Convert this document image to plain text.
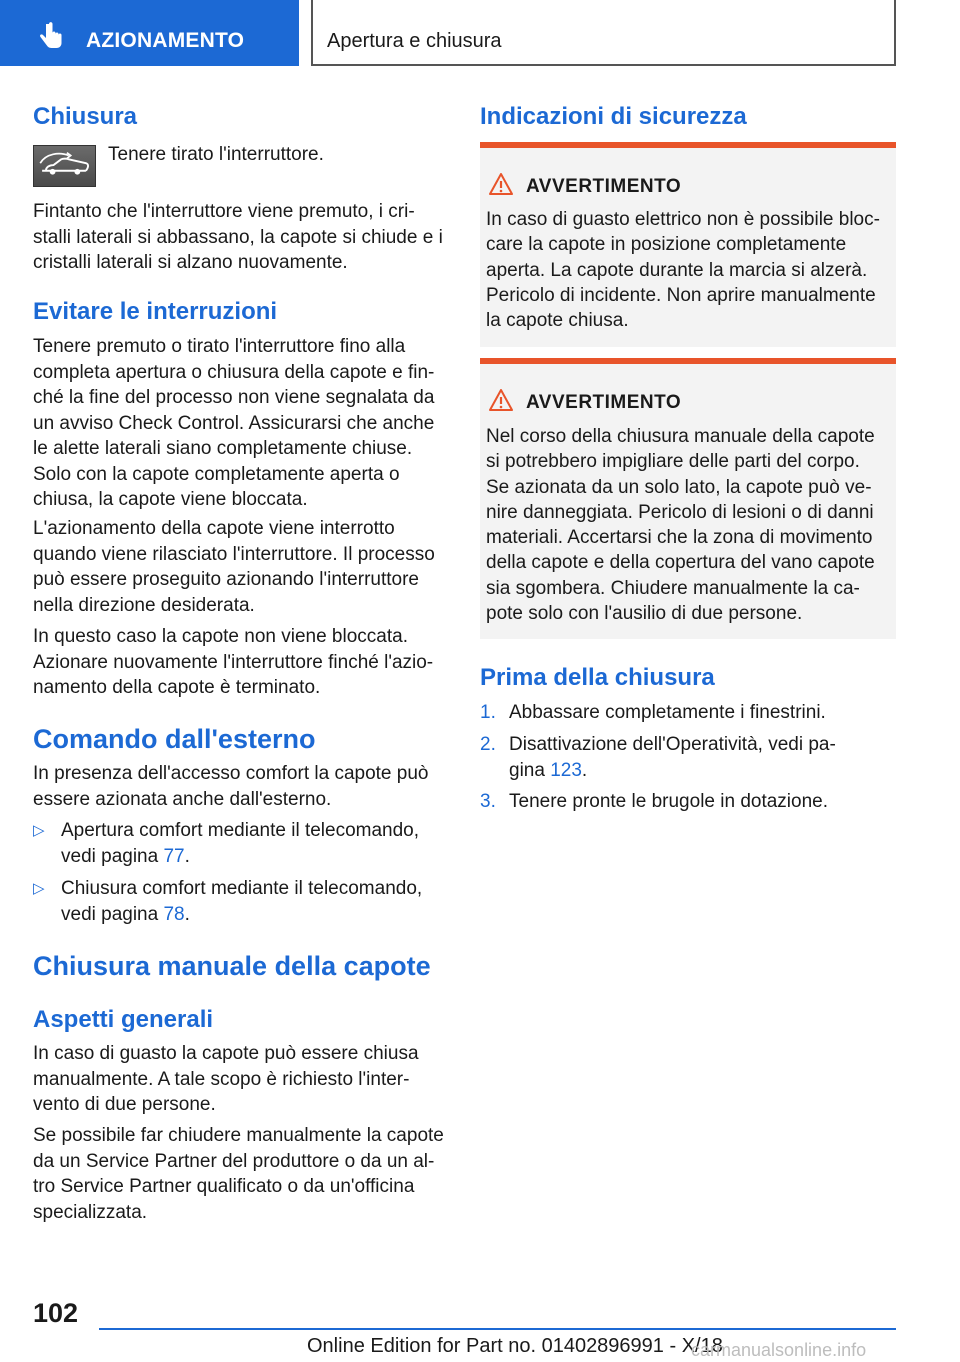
AZIONAMENTO	Apertura e chiusura
Chiusura
Tenere tirato l'interruttore.
Fintanto che l'interruttore viene premuto, i cri-
stalli laterali si abbassano, la capote si chiude e i
cristalli laterali si alzano nuovamente.
Evitare le interruzioni
Tenere premuto o tirato l'interruttore fino alla
completa apertura o chiusura della capote e fin-
ché la fine del processo non viene segnalata da
un avviso Check Control. Assicurarsi che anche
le alette laterali siano completamente chiuse.
Solo con la capote completamente aperta o
chiusa, la capote viene bloccata.
L'azionamento della capote viene interrotto
quando viene rilasciato l'interruttore. Il processo
può essere proseguito azionando l'interruttore
nella direzione desiderata.
In questo caso la capote non viene bloccata.
Azionare nuovamente l'interruttore finché l'azio-
namento della capote è terminato.
Comando dall'esterno
In presenza dell'accesso comfort la capote può
essere azionata anche dall'esterno.
▷ Apertura comfort mediante il telecomando,
vedi pagina 77.
▷ Chiusura comfort mediante il telecomando,
vedi pagina 78.
Chiusura manuale della capote
Aspetti generali
In caso di guasto la capote può essere chiusa
manualmente. A tale scopo è richiesto l'inter-
vento di due persone.
Se possibile far chiudere manualmente la capote
da un Service Partner del produttore o da un al-
tro Service Partner qualificato o da un'officina
specializzata.
Indicazioni di sicurezza
AVVERTIMENTO
In caso di guasto elettrico non è possibile bloc-
care la capote in posizione completamente
aperta. La capote durante la marcia si alzerà.
Pericolo di incidente. Non aprire manualmente
la capote chiusa.
AVVERTIMENTO
Nel corso della chiusura manuale della capote
si potrebbero impigliare delle parti del corpo.
Se azionata da un solo lato, la capote può ve-
nire danneggiata. Pericolo di lesioni o di danni
materiali. Accertarsi che la zona di movimento
della capote e della copertura del vano capote
sia sgombera. Chiudere manualmente la ca-
pote solo con l'ausilio di due persone.
Prima della chiusura
1. Abbassare completamente i finestrini.
2. Disattivazione dell'Operatività, vedi pa-
gina 123.
3. Tenere pronte le brugole in dotazione.
102
Online Edition for Part no. 01402896991 - X/18
carmanualsonline.info
